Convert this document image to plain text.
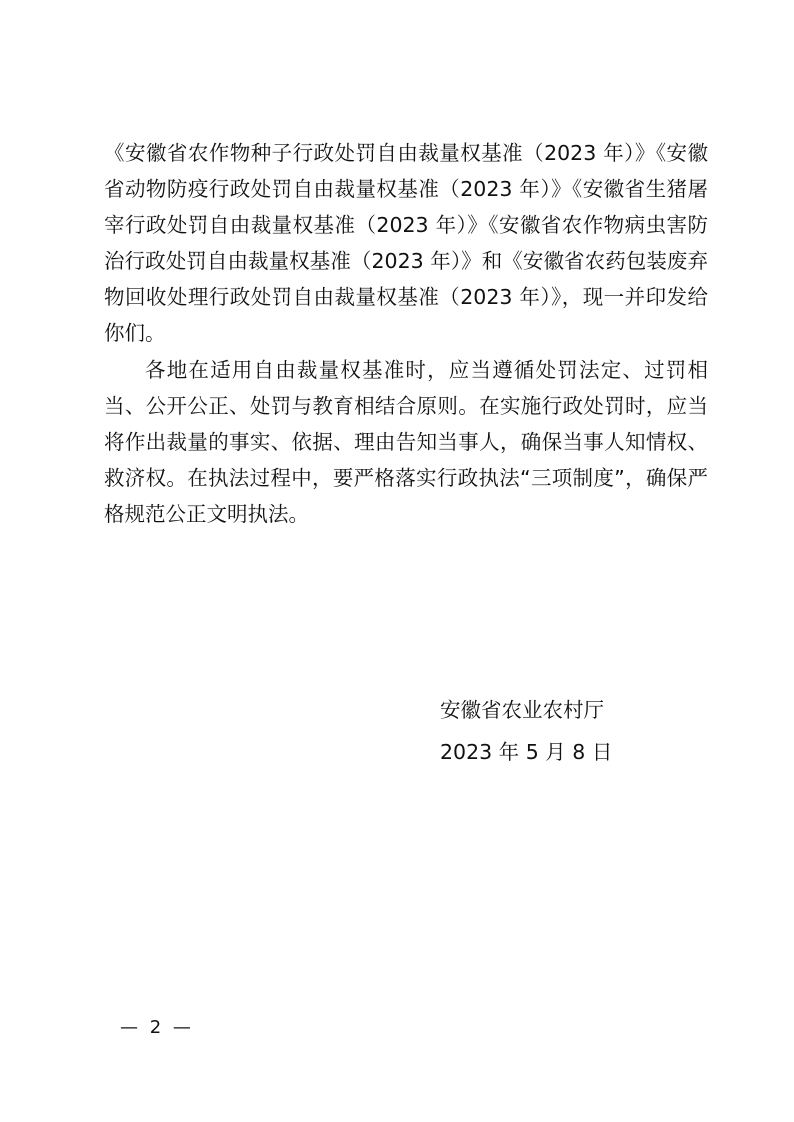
《安徽省农作物种子行政处罚自由裁量权基准（2023 年）》《安徽省动物防疫行政处罚自由裁量权基准（2023 年）》《安徽省生猪屠宰行政处罚自由裁量权基准（2023 年）》《安徽省农作物病虫害防治行政处罚自由裁量权基准（2023 年）》和《安徽省农药包装废弃物回收处理行政处罚自由裁量权基准（2023 年）》，现一并印发给你们。

各地在适用自由裁量权基准时，应当遵循处罚法定、过罚相当、公开公正、处罚与教育相结合原则。在实施行政处罚时，应当将作出裁量的事实、依据、理由告知当事人，确保当事人知情权、救济权。在执法过程中，要严格落实行政执法“三项制度”，确保严格规范公正文明执法。

安徽省农业农村厅
2023 年 5 月 8 日
— 2 —
